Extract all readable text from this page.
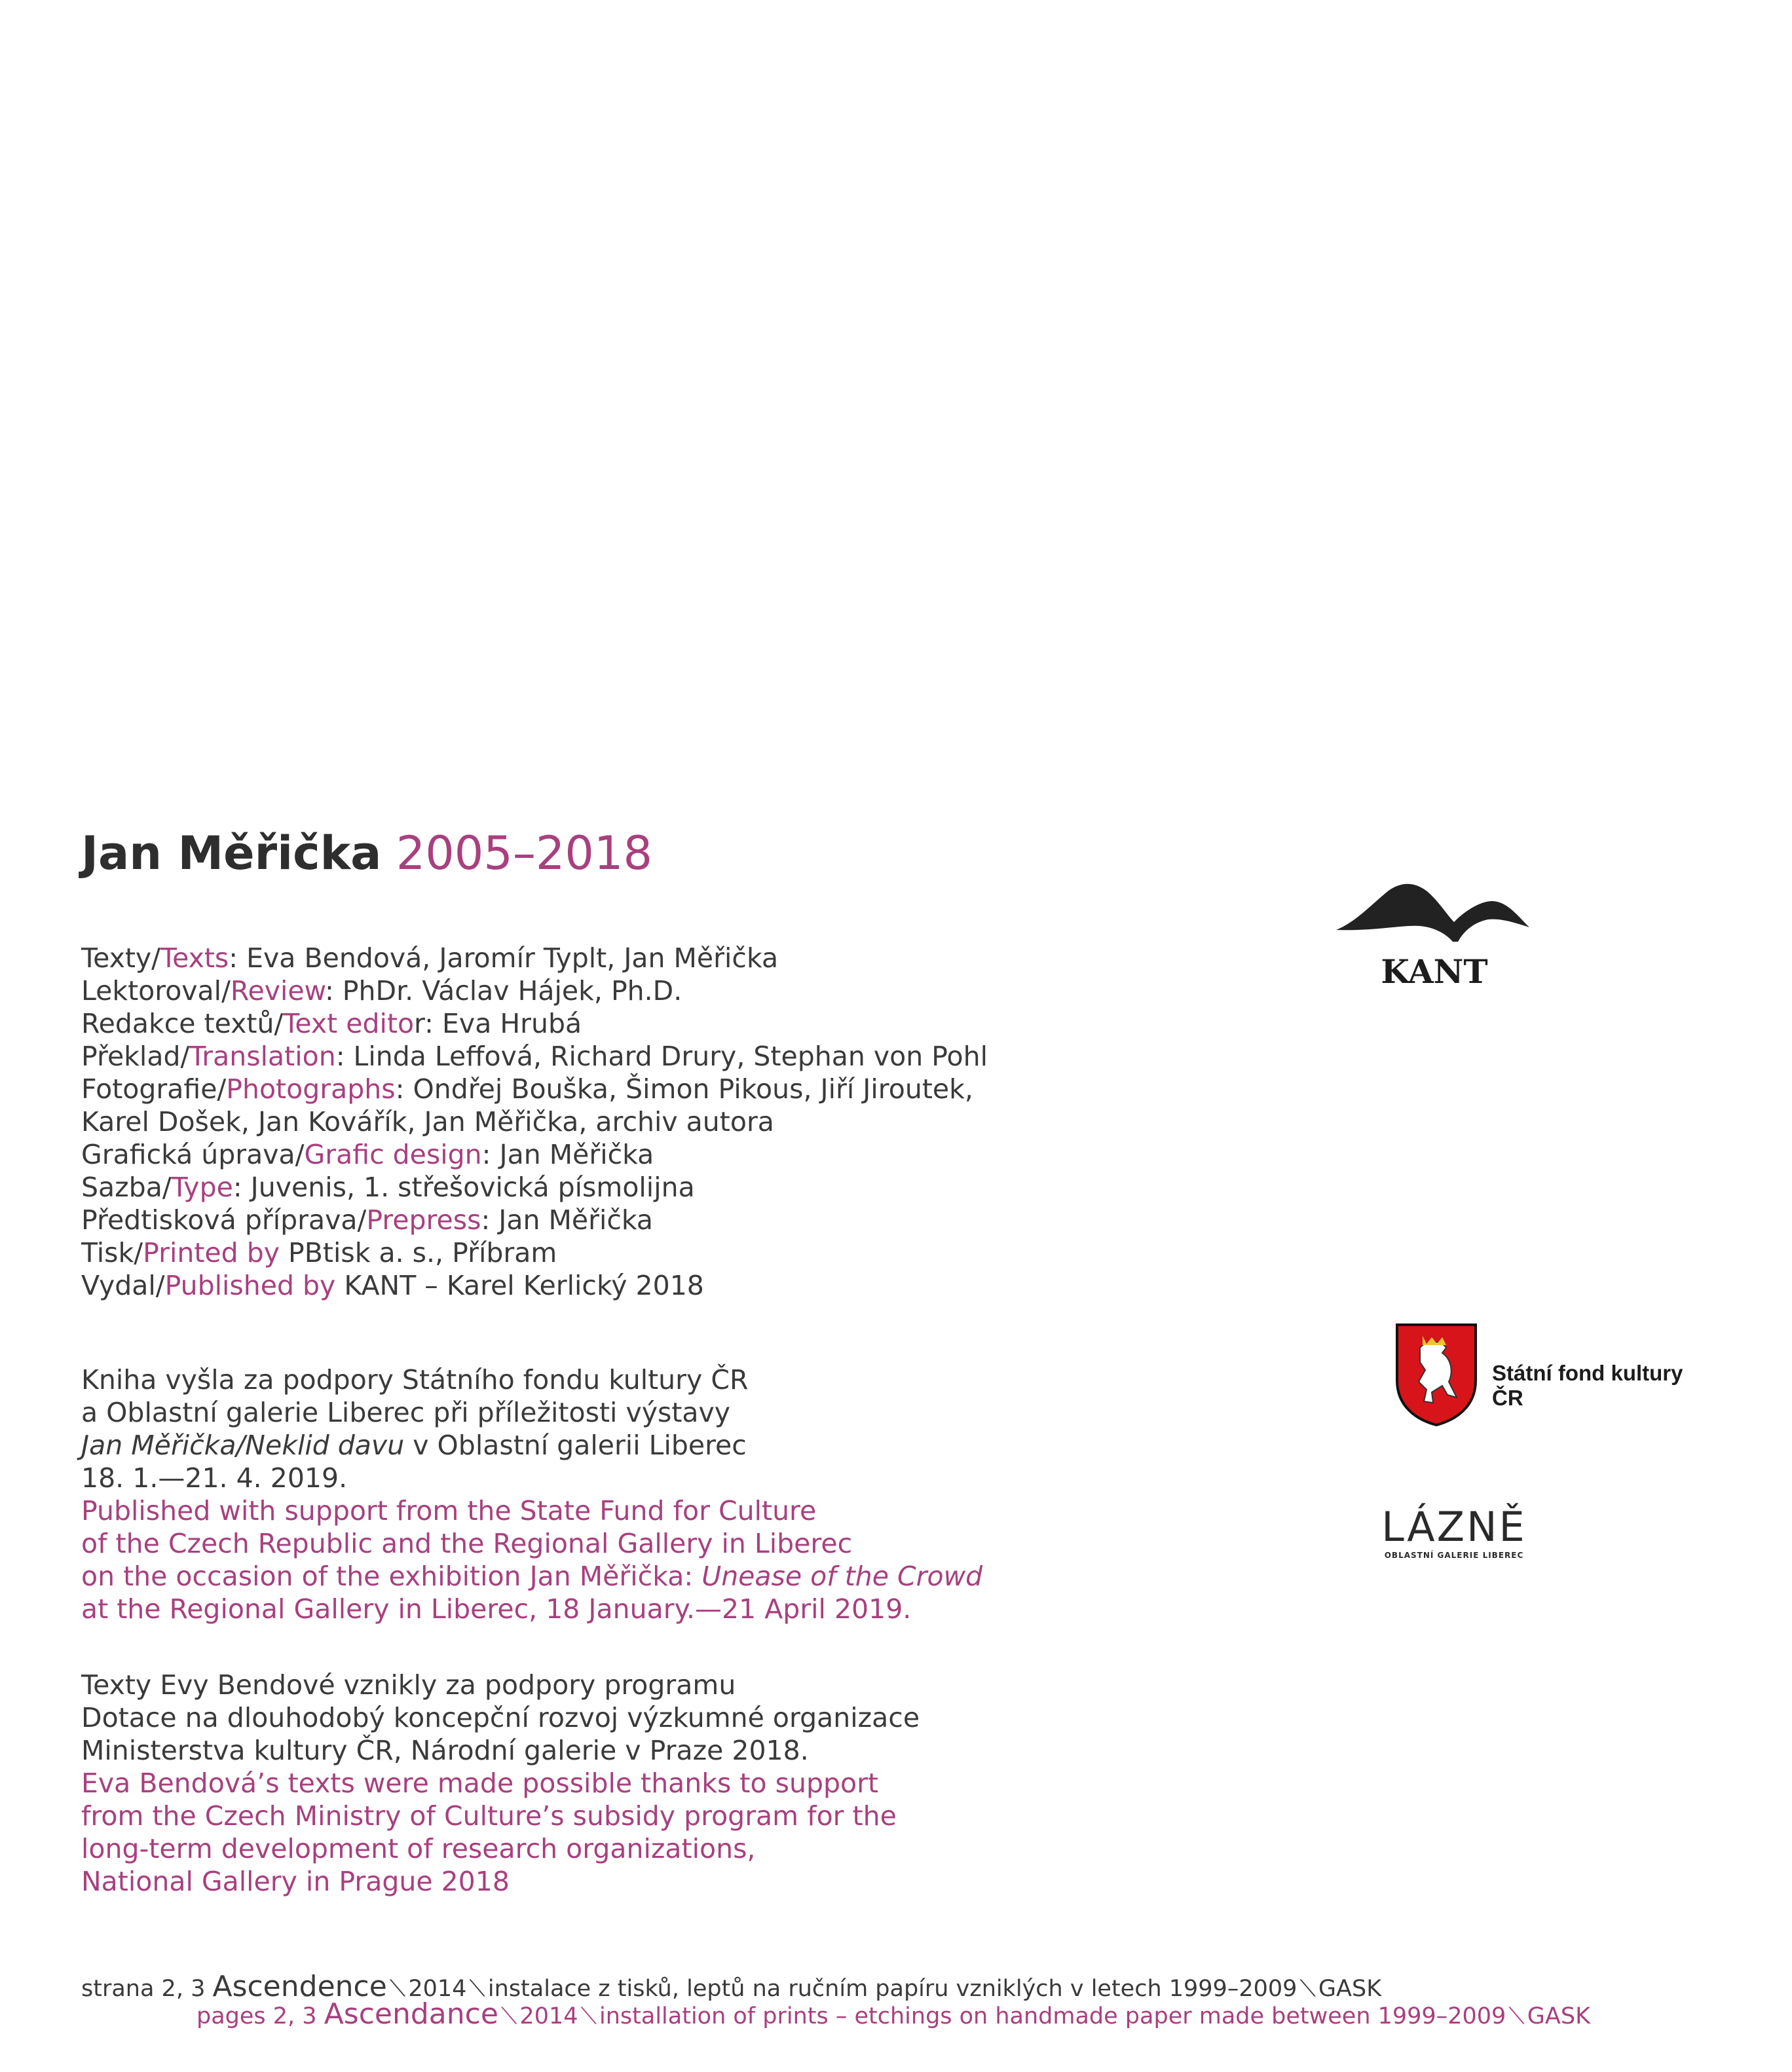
Jan Měřička 2005–2018
Texty/Texts: Eva Bendová, Jaromír Typlt, Jan Měřička
Lektoroval/Review: PhDr. Václav Hájek, Ph.D.
Redakce textů/Text editor: Eva Hrubá
Překlad/Translation: Linda Leffová, Richard Drury, Stephan von Pohl
Fotografie/Photographs: Ondřej Bouška, Šimon Pikous, Jiří Jiroutek,
Karel Došek, Jan Kovářík, Jan Měřička, archiv autora
Grafická úprava/Grafic design: Jan Měřička
Sazba/Type: Juvenis, 1. střešovická písmolijna
Předtisková příprava/Prepress: Jan Měřička
Tisk/Printed by PBtisk a. s., Příbram
Vydal/Published by KANT – Karel Kerlický 2018
Kniha vyšla za podpory Státního fondu kultury ČR
a Oblastní galerie Liberec při příležitosti výstavy
Jan Měřička/Neklid davu v Oblastní galerii Liberec
18. 1.—21. 4. 2019.
Published with support from the State Fund for Culture
of the Czech Republic and the Regional Gallery in Liberec
on the occasion of the exhibition Jan Měřička: Unease of the Crowd
at the Regional Gallery in Liberec, 18 January.—21 April 2019.
Texty Evy Bendové vznikly za podpory programu
Dotace na dlouhodobý koncepční rozvoj výzkumné organizace
Ministerstva kultury ČR, Národní galerie v Praze 2018.
Eva Bendová’s texts were made possible thanks to support
from the Czech Ministry of Culture’s subsidy program for the
long-term development of research organizations,
National Gallery in Prague 2018
strana 2, 3 Ascendence ⟍ 2014 ⟍ instalace z tisků, leptů na ručním papíru vzniklých v letech 1999–2009 ⟍ GASK
pages 2, 3 Ascendance ⟍ 2014 ⟍ installation of prints – etchings on handmade paper made between 1999–2009 ⟍ GASK
KANT
Státní fond kultury ČR
LÁZNĚ
OBLASTNÍ GALERIE LIBEREC
